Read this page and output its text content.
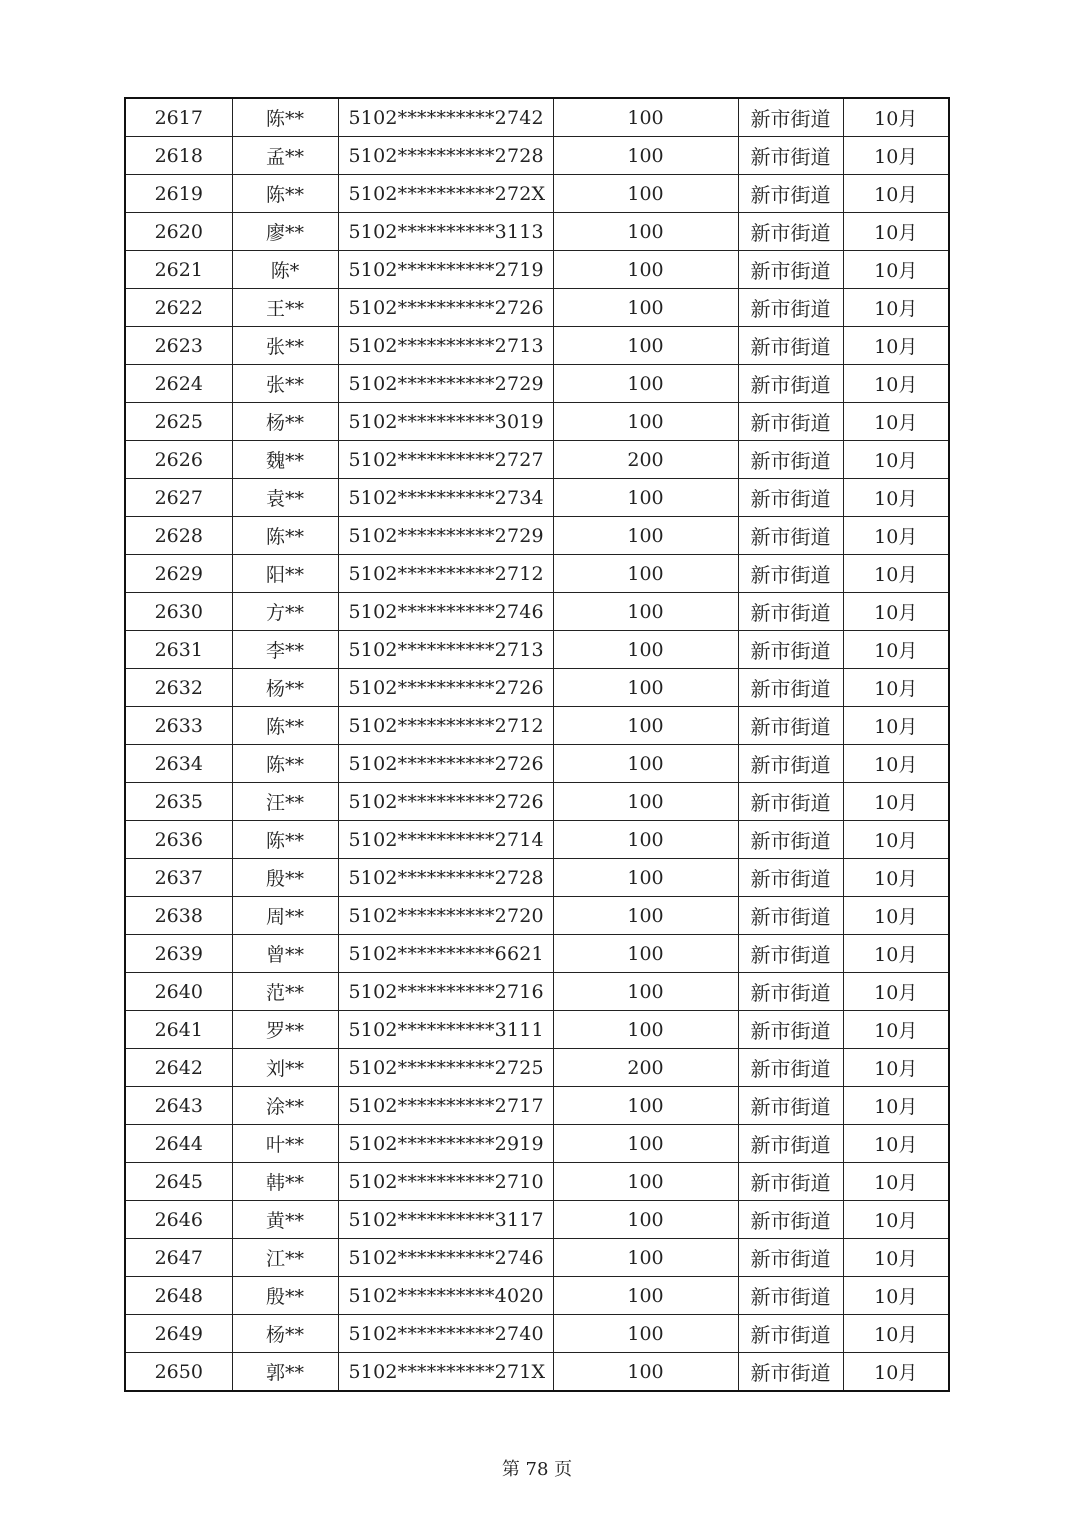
2617	陈**	5102**********2742	100	新市街道	10月
2618	孟**	5102**********2728	100	新市街道	10月
2619	陈**	5102**********272X	100	新市街道	10月
2620	廖**	5102**********3113	100	新市街道	10月
2621	陈*	5102**********2719	100	新市街道	10月
2622	王**	5102**********2726	100	新市街道	10月
2623	张**	5102**********2713	100	新市街道	10月
2624	张**	5102**********2729	100	新市街道	10月
2625	杨**	5102**********3019	100	新市街道	10月
2626	魏**	5102**********2727	200	新市街道	10月
2627	袁**	5102**********2734	100	新市街道	10月
2628	陈**	5102**********2729	100	新市街道	10月
2629	阳**	5102**********2712	100	新市街道	10月
2630	方**	5102**********2746	100	新市街道	10月
2631	李**	5102**********2713	100	新市街道	10月
2632	杨**	5102**********2726	100	新市街道	10月
2633	陈**	5102**********2712	100	新市街道	10月
2634	陈**	5102**********2726	100	新市街道	10月
2635	汪**	5102**********2726	100	新市街道	10月
2636	陈**	5102**********2714	100	新市街道	10月
2637	殷**	5102**********2728	100	新市街道	10月
2638	周**	5102**********2720	100	新市街道	10月
2639	曾**	5102**********6621	100	新市街道	10月
2640	范**	5102**********2716	100	新市街道	10月
2641	罗**	5102**********3111	100	新市街道	10月
2642	刘**	5102**********2725	200	新市街道	10月
2643	涂**	5102**********2717	100	新市街道	10月
2644	叶**	5102**********2919	100	新市街道	10月
2645	韩**	5102**********2710	100	新市街道	10月
2646	黄**	5102**********3117	100	新市街道	10月
2647	江**	5102**********2746	100	新市街道	10月
2648	殷**	5102**********4020	100	新市街道	10月
2649	杨**	5102**********2740	100	新市街道	10月
2650	郭**	5102**********271X	100	新市街道	10月
第 78 页
